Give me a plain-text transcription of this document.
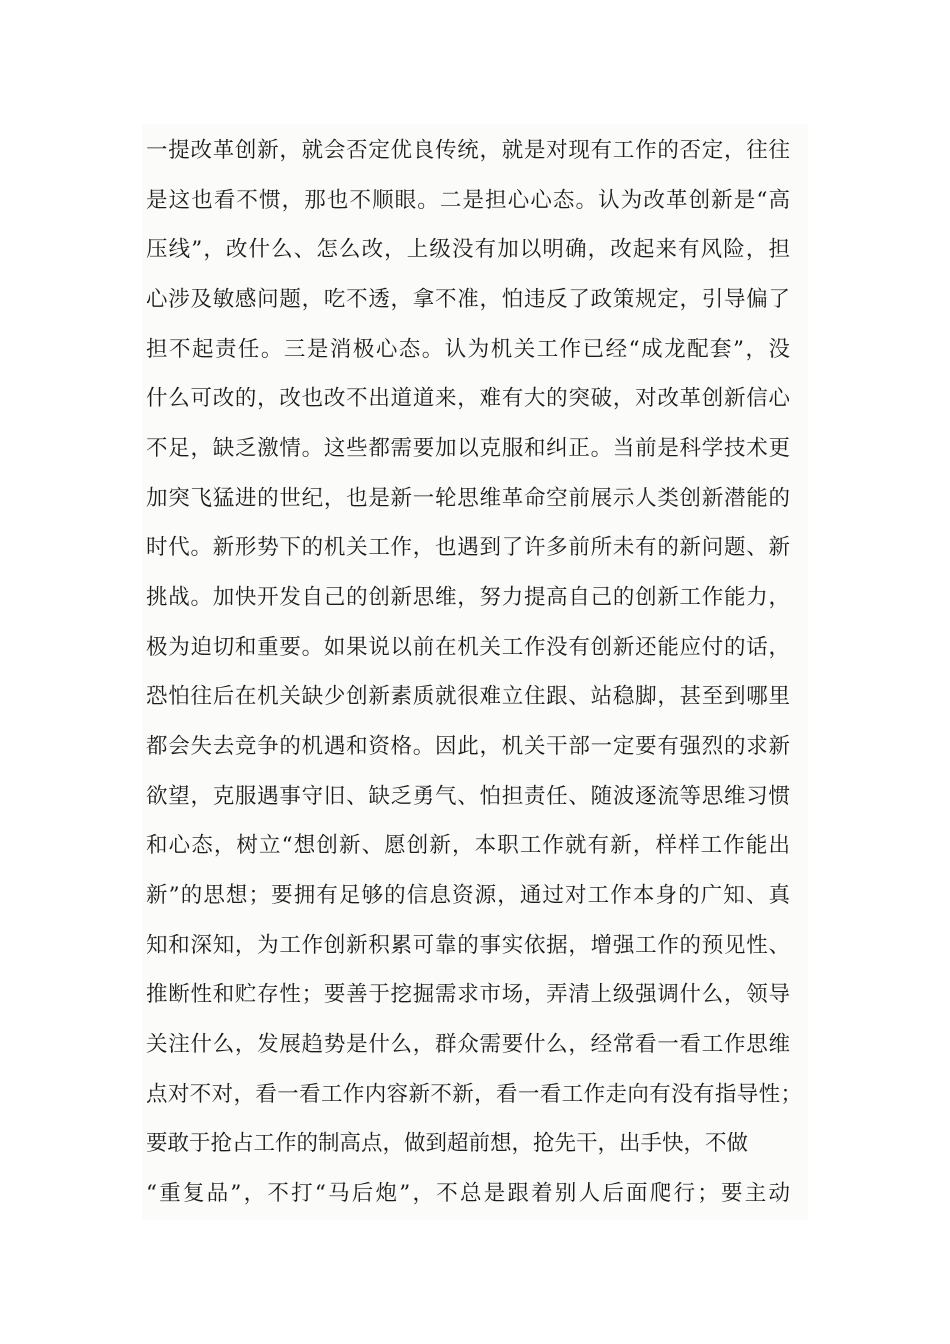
一提改革创新，就会否定优良传统，就是对现有工作的否定，往往
是这也看不惯，那也不顺眼。二是担心心态。认为改革创新是“高
压线”，改什么、怎么改，上级没有加以明确，改起来有风险，担
心涉及敏感问题，吃不透，拿不准，怕违反了政策规定，引导偏了
担不起责任。三是消极心态。认为机关工作已经“成龙配套”，没
什么可改的，改也改不出道道来，难有大的突破，对改革创新信心
不足，缺乏激情。这些都需要加以克服和纠正。当前是科学技术更
加突飞猛进的世纪，也是新一轮思维革命空前展示人类创新潜能的
时代。新形势下的机关工作，也遇到了许多前所未有的新问题、新
挑战。加快开发自己的创新思维，努力提高自己的创新工作能力，
极为迫切和重要。如果说以前在机关工作没有创新还能应付的话，
恐怕往后在机关缺少创新素质就很难立住跟、站稳脚，甚至到哪里
都会失去竞争的机遇和资格。因此，机关干部一定要有强烈的求新
欲望，克服遇事守旧、缺乏勇气、怕担责任、随波逐流等思维习惯
和心态，树立“想创新、愿创新，本职工作就有新，样样工作能出
新”的思想；要拥有足够的信息资源，通过对工作本身的广知、真
知和深知，为工作创新积累可靠的事实依据，增强工作的预见性、
推断性和贮存性；要善于挖掘需求市场，弄清上级强调什么，领导
关注什么，发展趋势是什么，群众需要什么，经常看一看工作思维
点对不对，看一看工作内容新不新，看一看工作走向有没有指导性；
要敢于抢占工作的制高点，做到超前想，抢先干，出手快，不做
“重复品”，不打“马后炮”，不总是跟着别人后面爬行；要主动
